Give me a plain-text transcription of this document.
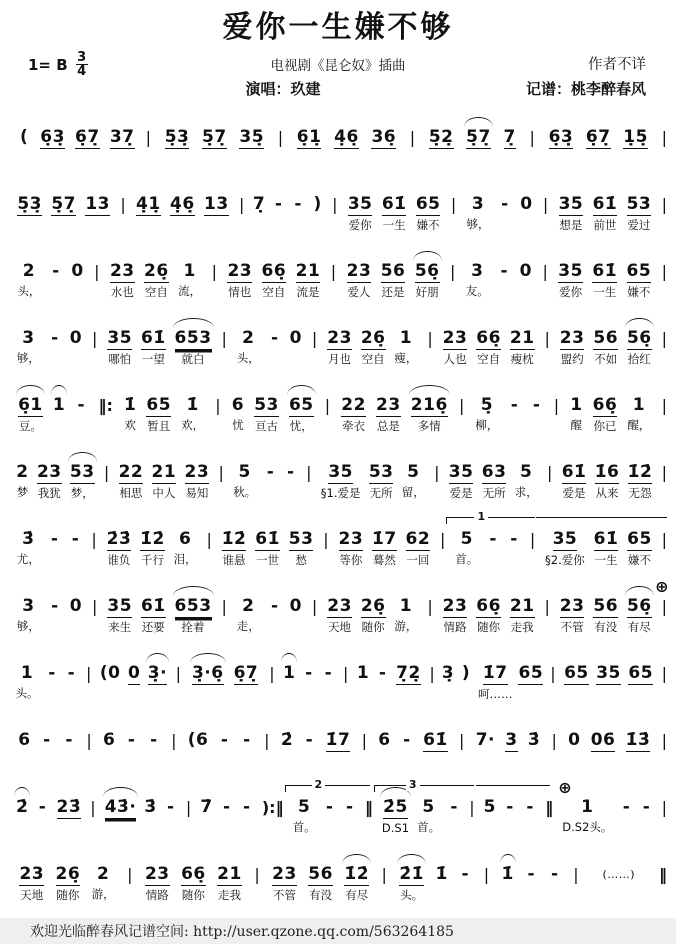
爱你一生嫌不够
1= B 3
4	电视剧《昆仑奴》插曲	作者不详
演唱：玖建	记谱：桃李醉春风
( 6̣3̣ 6̣7̣ 37̣ | 5̣3̣ 5̣7̣ 35̣ | 6̣1̣ 4̣6̣ 36̣ | 5̣2̣ 5̣7̣ 7̣ | 6̣3̣ 6̣7̣ 1̣5̣ |
5̣3̣ 5̣7̣ 13 | 4̣1̣ 4̣6̣ 13 | 7̣ - - ) | 35
爱你
61̇
一生
65
嫌不
| 3
够，
- 0 | 35
想是
61̇
前世
53
爱过
|
2
头，
- 0 | 23
水也
26̣
空自
1
流，
| 23
情也
66̣
空自
21
流是
| 23
爱人
56
还是
56̣
好朋
| 3
友。
- 0 | 35
爱你
61̇
一生
65
嫌不
|
3
够，
- 0 | 35
哪怕
61̇
一望
653
就白
| 2
头，
- 0 | 23
月也
26̣
空自
1
瘦，
| 23
人也
66̣
空自
21
瘦枕
| 23
盟约
56
不如
56̣
拾红
|
6̣1
豆。
1 - ‖: 1̇
欢
65
暂且
1̇
欢，
| 6
忧
53
亘古
65
忧，
| 22
牵衣
23
总是
216̣
多情
| 5̣
柳，
- - | 1
醒
66̣
你已
1
醒，
|
2
梦
23
我犹
53
梦，
| 22
相思
21
中人
23
易知
| 5
秋。
- - | 35
§1.爱是
53
无所
5
留，
| 35
爱是
63
无所
5
求，
| 61̇
爱是
1̇6
从来
1̇2̇
无怨
|
3̇
尤，
- - | 2̇3̇
谁负
1̇2̇
千行
6
泪，
| 1̇2̇
谁悬
61̇
一世
53
愁
| 23
等你
1̇7
蓦然
62
一回
|
1
5
首。
- - | 35
§2.爱你
61̇
一生
65
嫌不
|
3
够，
- 0 | 35
来生
61̇
还要
653
拴着
| 2
走，
- 0 | 23
天地
26̣
随你
1
游，
| 23
情路
66̣
随你
21
走我
|
⊕
23
不管
56
有没
56̣
有尽
|
1
头。
- - | (0 0 3̣· | 3̣·6̣ 6̣7̣ | 1 - - | 1 - 7̣2̣ | 3̣ ) 1̇7
呵……
65 | 65 35 65 |
6 - - | 6 - - | (6 - - | 2̇ - 1̇7 | 6 - 61̇ | 7· 3 3̇ | 0 06 1̇3̇ |
2̇ - 23̇ | 43̇· 3̇ - | 7̇ - - ):‖
2
5
首。
- - ‖
3
2̇5
D.S1
5
首。
- | 5 - - ‖
⊕
1
D.S2头。
- - |
23
天地
26̣
随你
2
游，
| 23
情路
66̣
随你
21
走我
| 23
不管
56
有没
1̇2̇
有尽
| 2̇1̇
头。
1̇ - | 1̇ - - | (……) ‖
欢迎光临醉春风记谱空间: http://user.qzone.qq.com/563264185
